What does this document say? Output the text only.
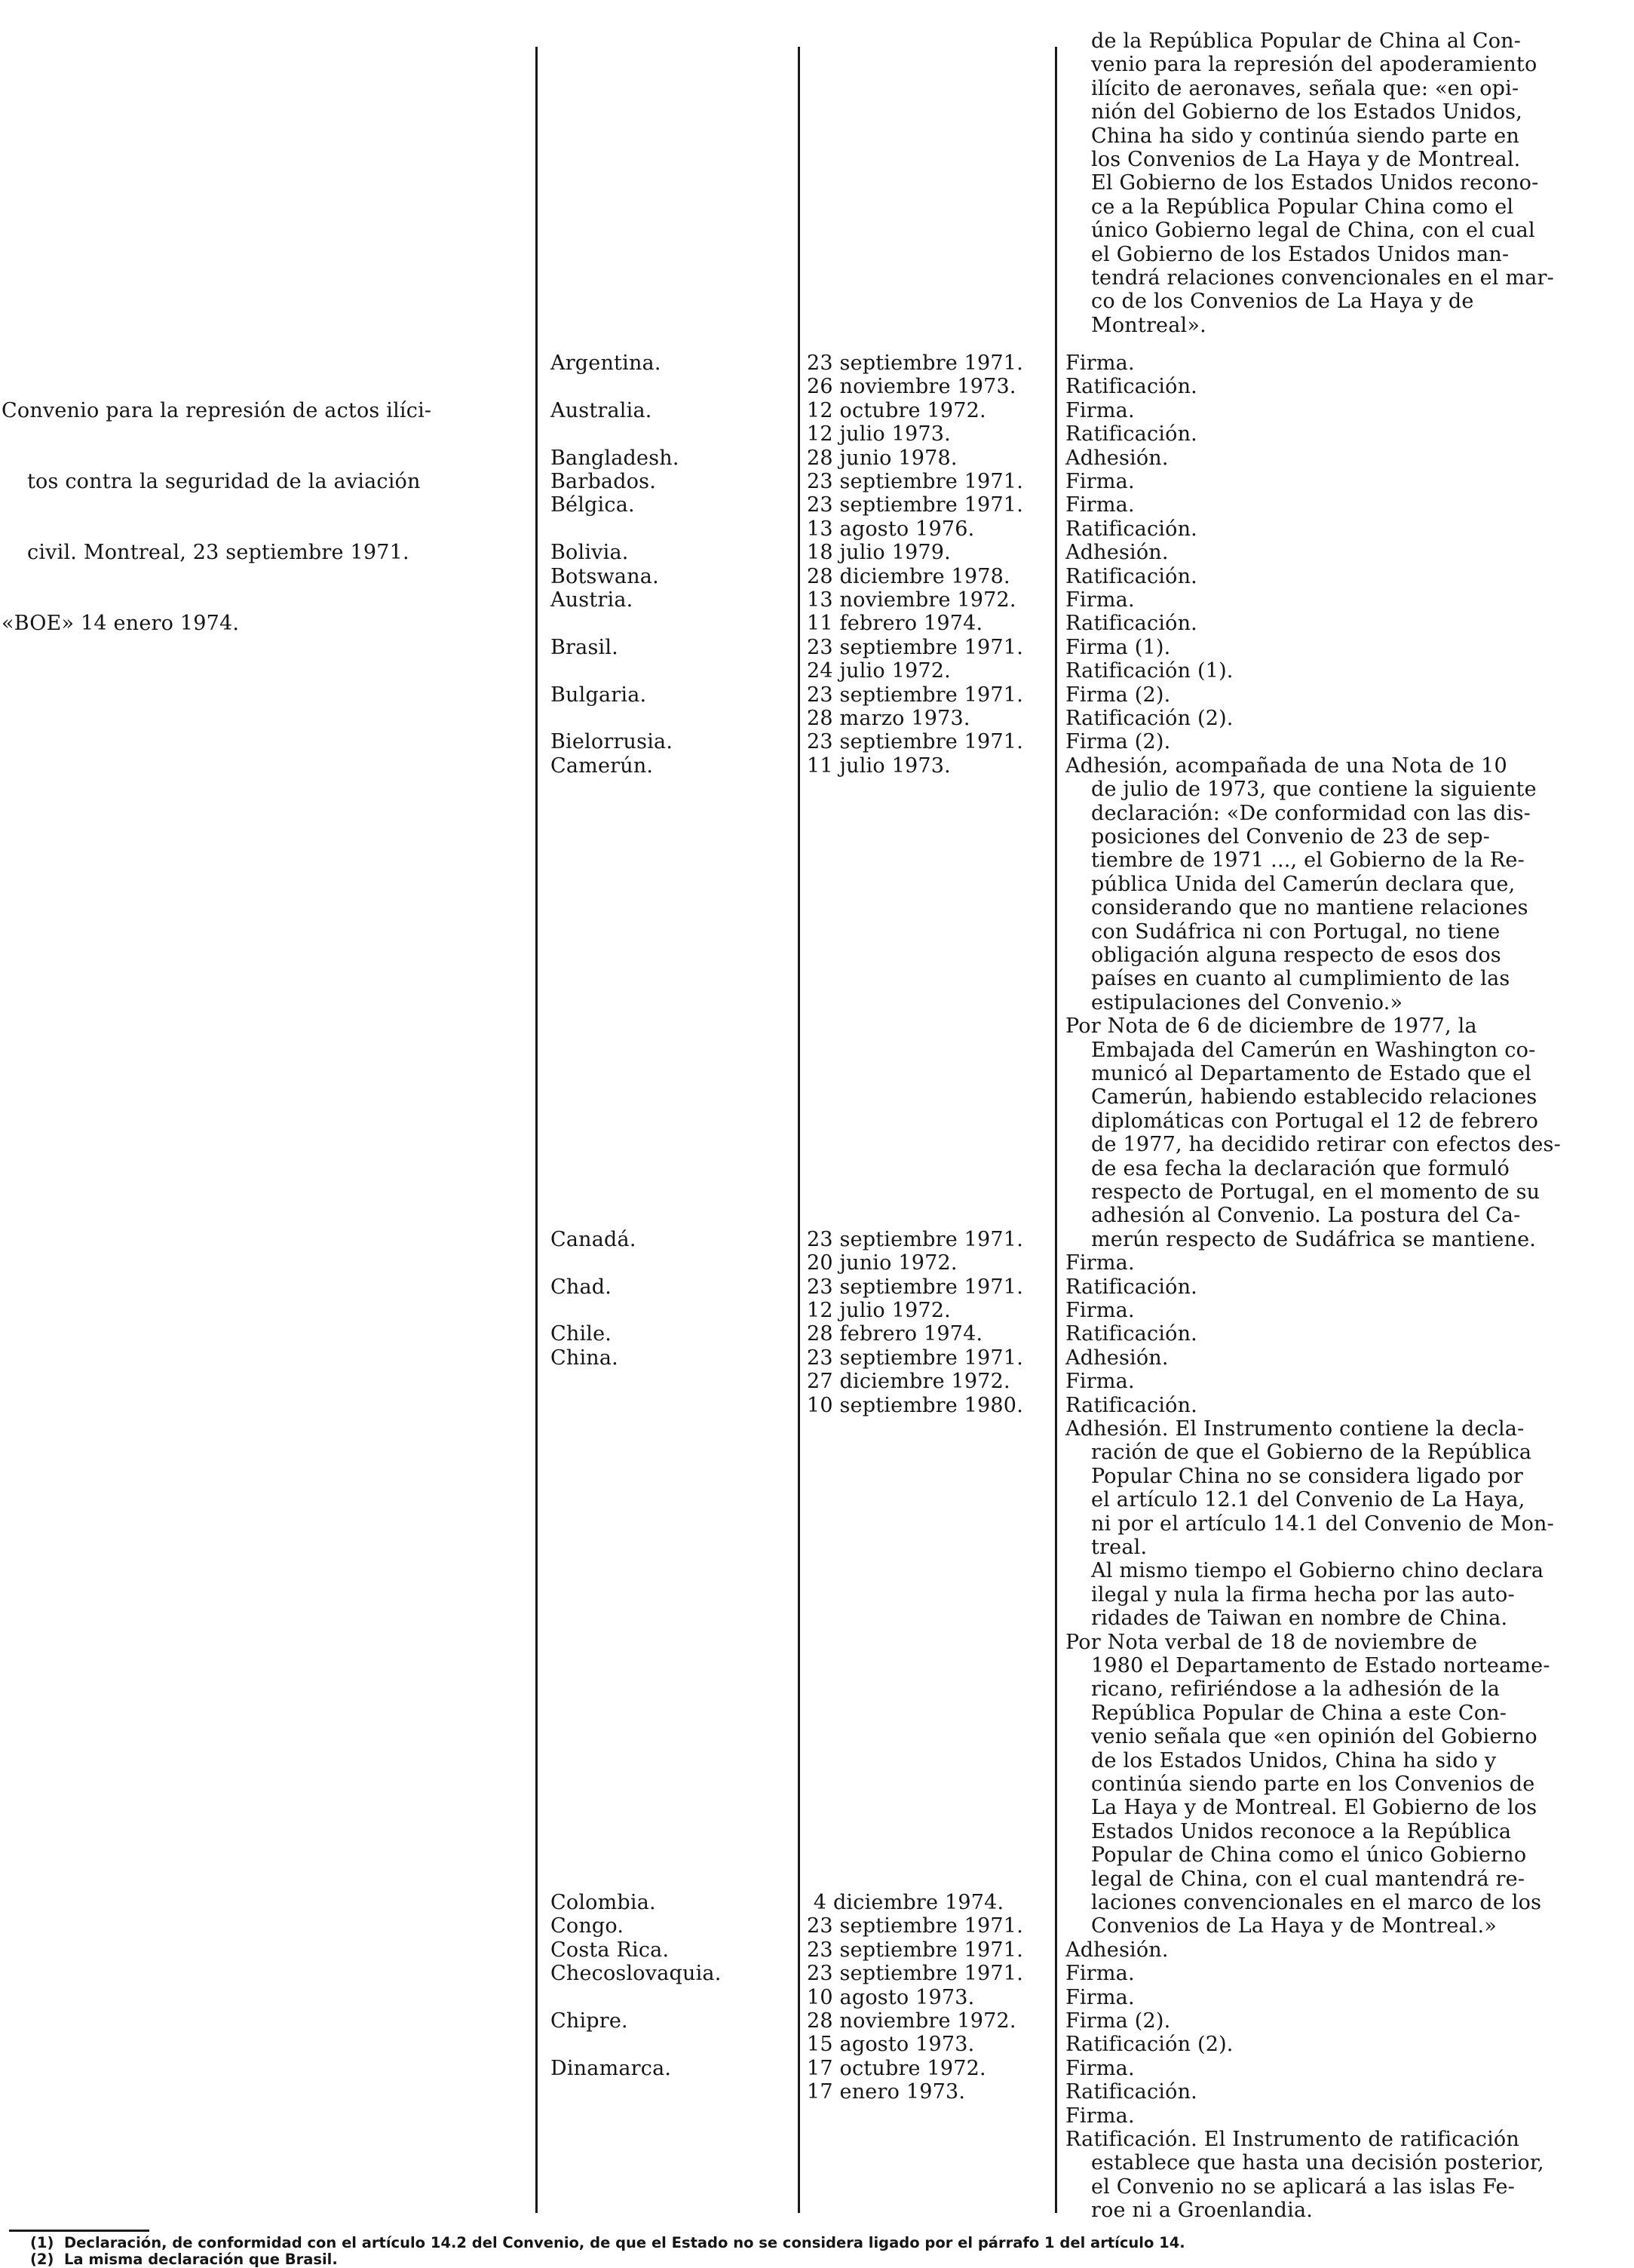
Convenio para la represión de actos ilíci-

tos contra la seguridad de la aviación

civil. Montreal, 23 septiembre 1971.

«BOE» 14 enero 1974.

Argentina.
Australia.
Bangladesh.
Barbados.
Bélgica.
Bolivia.
Botswana.
Austria.
Brasil.
Bulgaria.
Bielorrusia.
Camerún.
Canadá.
Chad.
Chile.
China.
Colombia.
Congo.
Costa Rica.
Checoslovaquia.
Chipre.
Dinamarca.
23 septiembre 1971.
26 noviembre 1973.
12 octubre 1972.
12 julio 1973.
28 junio 1978.
23 septiembre 1971.
23 septiembre 1971.
13 agosto 1976.
18 julio 1979.
28 diciembre 1978.
13 noviembre 1972.
11 febrero 1974.
23 septiembre 1971.
24 julio 1972.
23 septiembre 1971.
28 marzo 1973.
23 septiembre 1971.
11 julio 1973.
23 septiembre 1971.
20 junio 1972.
23 septiembre 1971.
12 julio 1972.
28 febrero 1974.
23 septiembre 1971.
27 diciembre 1972.
10 septiembre 1980.
4 diciembre 1974.
23 septiembre 1971.
23 septiembre 1971.
23 septiembre 1971.
10 agosto 1973.
28 noviembre 1972.
15 agosto 1973.
17 octubre 1972.
17 enero 1973.
de la República Popular de China al Con-
venio para la represión del apoderamiento
ilícito de aeronaves, señala que: «en opi-
nión del Gobierno de los Estados Unidos,
China ha sido y continúa siendo parte en
los Convenios de La Haya y de Montreal.
El Gobierno de los Estados Unidos recono-
ce a la República Popular China como el
único Gobierno legal de China, con el cual
el Gobierno de los Estados Unidos man-
tendrá relaciones convencionales en el mar-
co de los Convenios de La Haya y de
Montreal».
Firma.
Ratificación.
Firma.
Ratificación.
Adhesión.
Firma.
Firma.
Ratificación.
Adhesión.
Ratificación.
Firma.
Ratificación.
Firma (1).
Ratificación (1).
Firma (2).
Ratificación (2).
Firma (2).
Adhesión, acompañada de una Nota de 10
de julio de 1973, que contiene la siguiente
declaración: «De conformidad con las dis-
posiciones del Convenio de 23 de sep-
tiembre de 1971 ..., el Gobierno de la Re-
pública Unida del Camerún declara que,
considerando que no mantiene relaciones
con Sudáfrica ni con Portugal, no tiene
obligación alguna respecto de esos dos
países en cuanto al cumplimiento de las
estipulaciones del Convenio.»
Por Nota de 6 de diciembre de 1977, la
Embajada del Camerún en Washington co-
municó al Departamento de Estado que el
Camerún, habiendo establecido relaciones
diplomáticas con Portugal el 12 de febrero
de 1977, ha decidido retirar con efectos des-
de esa fecha la declaración que formuló
respecto de Portugal, en el momento de su
adhesión al Convenio. La postura del Ca-
merún respecto de Sudáfrica se mantiene.
Firma.
Ratificación.
Firma.
Ratificación.
Adhesión.
Firma.
Ratificación.
Adhesión. El Instrumento contiene la decla-
ración de que el Gobierno de la República
Popular China no se considera ligado por
el artículo 12.1 del Convenio de La Haya,
ni por el artículo 14.1 del Convenio de Mon-
treal.
Al mismo tiempo el Gobierno chino declara
ilegal y nula la firma hecha por las auto-
ridades de Taiwan en nombre de China.
Por Nota verbal de 18 de noviembre de
1980 el Departamento de Estado norteame-
ricano, refiriéndose a la adhesión de la
República Popular de China a este Con-
venio señala que «en opinión del Gobierno
de los Estados Unidos, China ha sido y
continúa siendo parte en los Convenios de
La Haya y de Montreal. El Gobierno de los
Estados Unidos reconoce a la República
Popular de China como el único Gobierno
legal de China, con el cual mantendrá re-
laciones convencionales en el marco de los
Convenios de La Haya y de Montreal.»
Adhesión.
Firma.
Firma.
Firma (2).
Ratificación (2).
Firma.
Ratificación.
Firma.
Ratificación. El Instrumento de ratificación
establece que hasta una decisión posterior,
el Convenio no se aplicará a las islas Fe-
roe ni a Groenlandia.
(1)  Declaración, de conformidad con el artículo 14.2 del Convenio, de que el Estado no se considera ligado por el párrafo 1 del artículo 14.
(2)  La misma declaración que Brasil.
